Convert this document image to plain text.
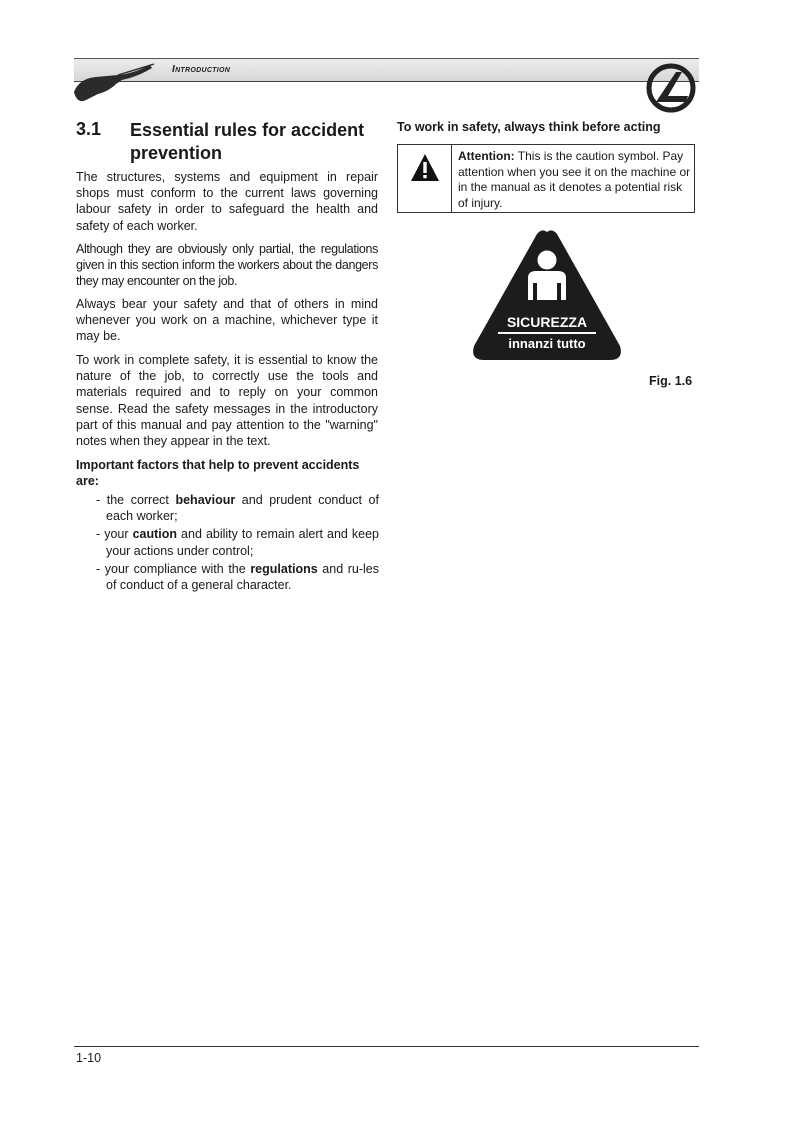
Introduction
3.1 Essential rules for accident prevention
The structures, systems and equipment in repair shops must conform to the current laws governing labour safety in order to safeguard the health and safety of each worker.
Although they are obviously only partial, the regulations given in this section inform the workers about the dangers they may encounter on the job.
Always bear your safety and that of others in mind whenever you work on a machine, whichever type it may be.
To work in complete safety, it is essential to know the nature of the job, to correctly use the tools and materials required and to reply on your common sense. Read the safety messages in the introductory part of this manual and pay attention to the "warning" notes when they appear in the text.
Important factors that help to prevent accidents are:

- the correct behaviour and prudent conduct of each worker;

- your caution and ability to remain alert and keep your actions under control;

- your compliance with the regulations and ru-les of conduct of a general character.

To work in safety, always think before acting
Attention: This is the caution symbol. Pay attention when you see it on the machine or in the manual as it denotes a potential risk of injury.
SICUREZZA
innanzi tutto
Fig. 1.6
1-10
